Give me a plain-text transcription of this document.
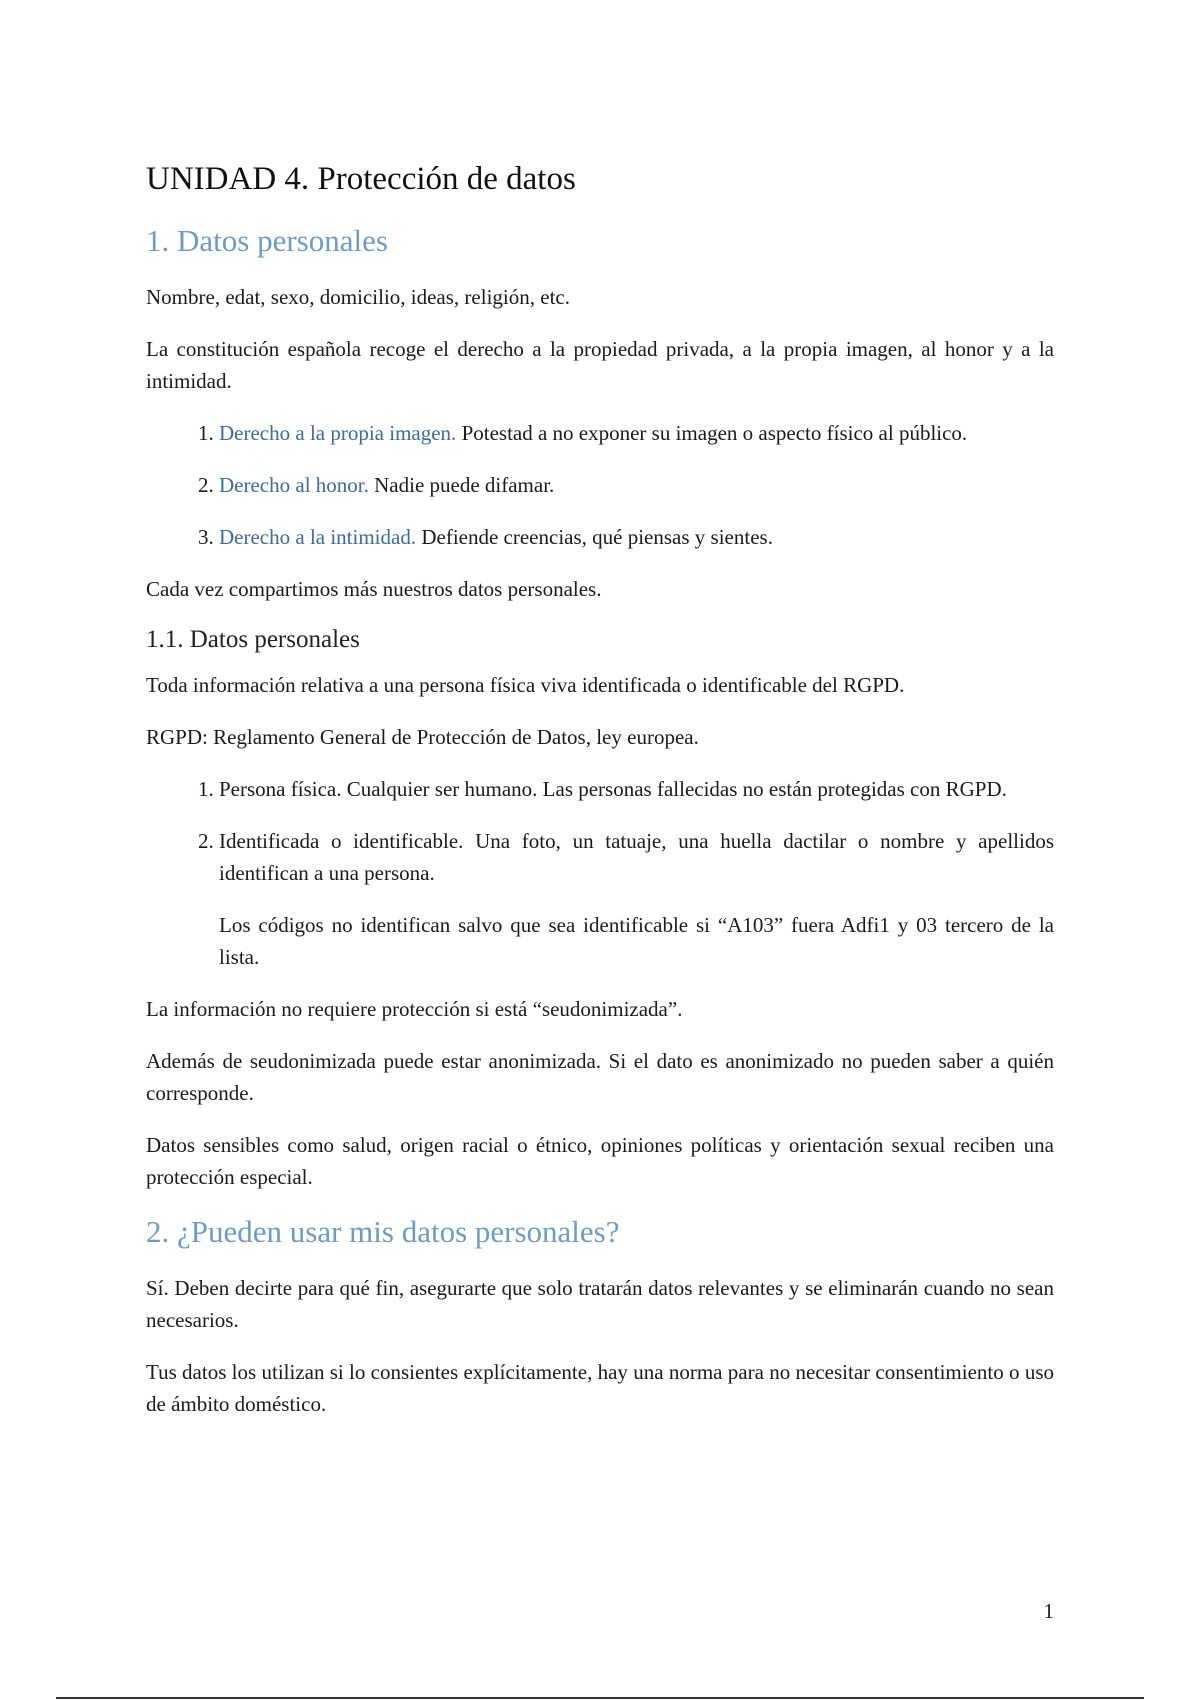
UNIDAD 4. Protección de datos
1. Datos personales

Nombre, edat, sexo, domicilio, ideas, religión, etc.

La constitución española recoge el derecho a la propiedad privada, a la propia imagen, al honor y a la intimidad.

1. Derecho a la propia imagen. Potestad a no exponer su imagen o aspecto físico al público.
2. Derecho al honor. Nadie puede difamar.
3. Derecho a la intimidad. Defiende creencias, qué piensas y sientes.

Cada vez compartimos más nuestros datos personales.

1.1. Datos personales

Toda información relativa a una persona física viva identificada o identificable del RGPD.

RGPD: Reglamento General de Protección de Datos, ley europea.

1. Persona física. Cualquier ser humano. Las personas fallecidas no están protegidas con RGPD.
2. Identificada o identificable. Una foto, un tatuaje, una huella dactilar o nombre y apellidos identifican a una persona.

Los códigos no identifican salvo que sea identificable si “A103” fuera Adfi1 y 03 tercero de la lista.

La información no requiere protección si está “seudonimizada”.

Además de seudonimizada puede estar anonimizada. Si el dato es anonimizado no pueden saber a quién corresponde.

Datos sensibles como salud, origen racial o étnico, opiniones políticas y orientación sexual reciben una protección especial.

2. ¿Pueden usar mis datos personales?

Sí. Deben decirte para qué fin, asegurarte que solo tratarán datos relevantes y se eliminarán cuando no sean necesarios.

Tus datos los utilizan si lo consientes explícitamente, hay una norma para no necesitar consentimiento o uso de ámbito doméstico.

1
